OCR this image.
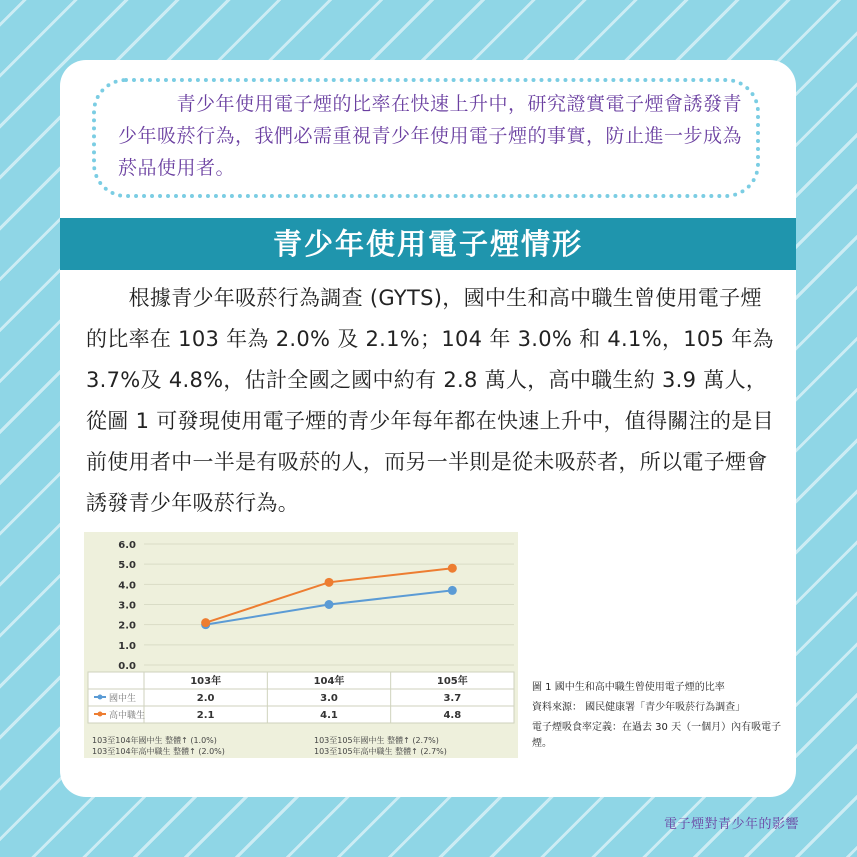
　　　青少年使用電子煙的比率在快速上升中，研究證實電子煙會誘發青少年吸菸行為，我們必需重視青少年使用電子煙的事實，防止進一步成為菸品使用者。
青少年使用電子煙情形
　　根據青少年吸菸行為調查 (GYTS)，國中生和高中職生曾使用電子煙的比率在 103 年為 2.0% 及 2.1%；104 年 3.0% 和 4.1%，105 年為 3.7%及 4.8%，估計全國之國中約有 2.8 萬人，高中職生約 3.9 萬人，從圖 1 可發現使用電子煙的青少年每年都在快速上升中，值得關注的是目前使用者中一半是有吸菸的人，而另一半則是從未吸菸者，所以電子煙會誘發青少年吸菸行為。
0.0
1.0
2.0
3.0
4.0
5.0
6.0
103年	104年	105年
國中生	2.0	3.0	3.7
高中職生	2.1	4.1	4.8
103至104年國中生 整體↑ (1.0%)
103至104年高中職生 整體↑ (2.0%)
103至105年國中生 整體↑ (2.7%)
103至105年高中職生 整體↑ (2.7%)
圖 1 國中生和高中職生曾使用電子煙的比率
資料來源： 國民健康署「青少年吸菸行為調查」
電子煙吸食率定義：在過去 30 天（一個月）內有吸電子煙。
電子煙對青少年的影響
